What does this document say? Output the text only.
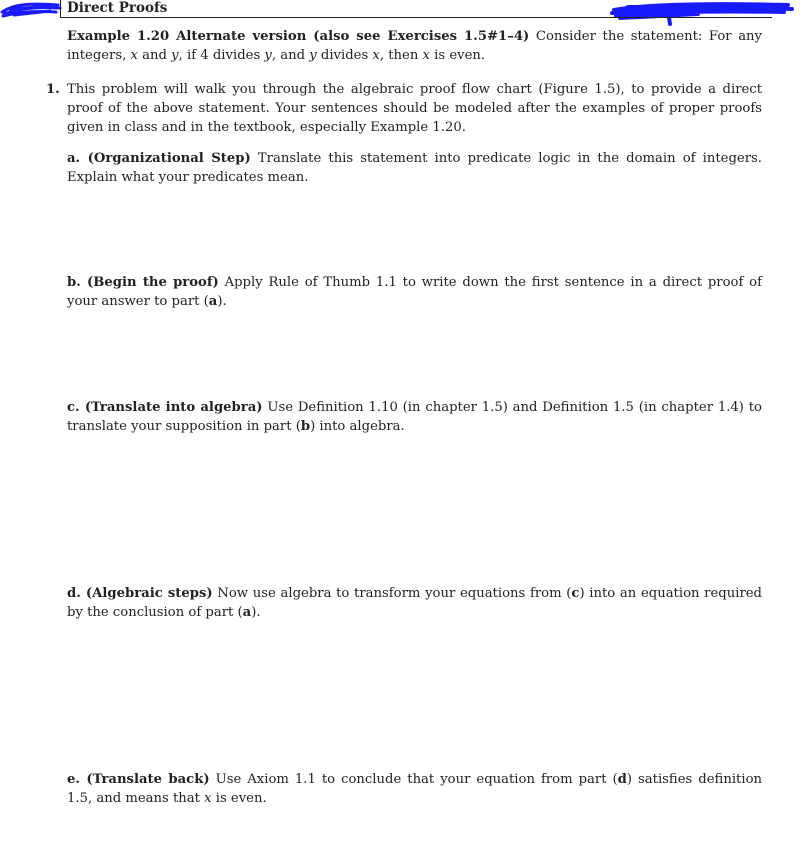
Direct Proofs

Example 1.20 Alternate version (also see Exercises 1.5#1–4) Consider the statement: For any integers, x and y, if 4 divides y, and y divides x, then x is even.

1. This problem will walk you through the algebraic proof flow chart (Figure 1.5), to provide a direct proof of the above statement. Your sentences should be modeled after the examples of proper proofs given in class and in the textbook, especially Example 1.20.

a. (Organizational Step) Translate this statement into predicate logic in the domain of integers. Explain what your predicates mean.

b. (Begin the proof) Apply Rule of Thumb 1.1 to write down the first sentence in a direct proof of your answer to part (a).

c. (Translate into algebra) Use Definition 1.10 (in chapter 1.5) and Definition 1.5 (in chapter 1.4) to translate your supposition in part (b) into algebra.

d. (Algebraic steps) Now use algebra to transform your equations from (c) into an equation required by the conclusion of part (a).

e. (Translate back) Use Axiom 1.1 to conclude that your equation from part (d) satisfies definition 1.5, and means that x is even.
